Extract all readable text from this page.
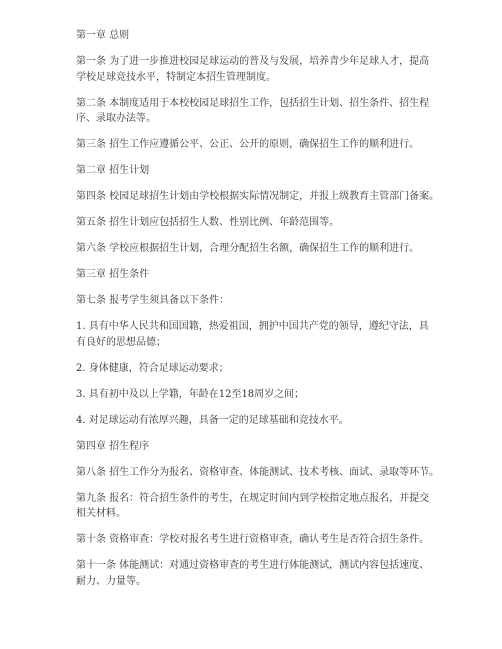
第一章 总则
第一条 为了进一步推进校园足球运动的普及与发展，培养青少年足球人才，提高
学校足球竞技水平，特制定本招生管理制度。
第二条 本制度适用于本校校园足球招生工作，包括招生计划、招生条件、招生程
序、录取办法等。
第三条 招生工作应遵循公平、公正、公开的原则，确保招生工作的顺利进行。
第二章 招生计划
第四条 校园足球招生计划由学校根据实际情况制定，并报上级教育主管部门备案。
第五条 招生计划应包括招生人数、性别比例、年龄范围等。
第六条 学校应根据招生计划，合理分配招生名额，确保招生工作的顺利进行。
第三章 招生条件
第七条 报考学生须具备以下条件：
1. 具有中华人民共和国国籍，热爱祖国，拥护中国共产党的领导，遵纪守法，具
有良好的思想品德；
2. 身体健康，符合足球运动要求；
3. 具有初中及以上学籍，年龄在12至18周岁之间；
4. 对足球运动有浓厚兴趣，具备一定的足球基础和竞技水平。
第四章 招生程序
第八条 招生工作分为报名、资格审查、体能测试、技术考核、面试、录取等环节。
第九条 报名：符合招生条件的考生，在规定时间内到学校指定地点报名，并提交
相关材料。
第十条 资格审查：学校对报名考生进行资格审查，确认考生是否符合招生条件。
第十一条 体能测试：对通过资格审查的考生进行体能测试，测试内容包括速度、
耐力、力量等。
